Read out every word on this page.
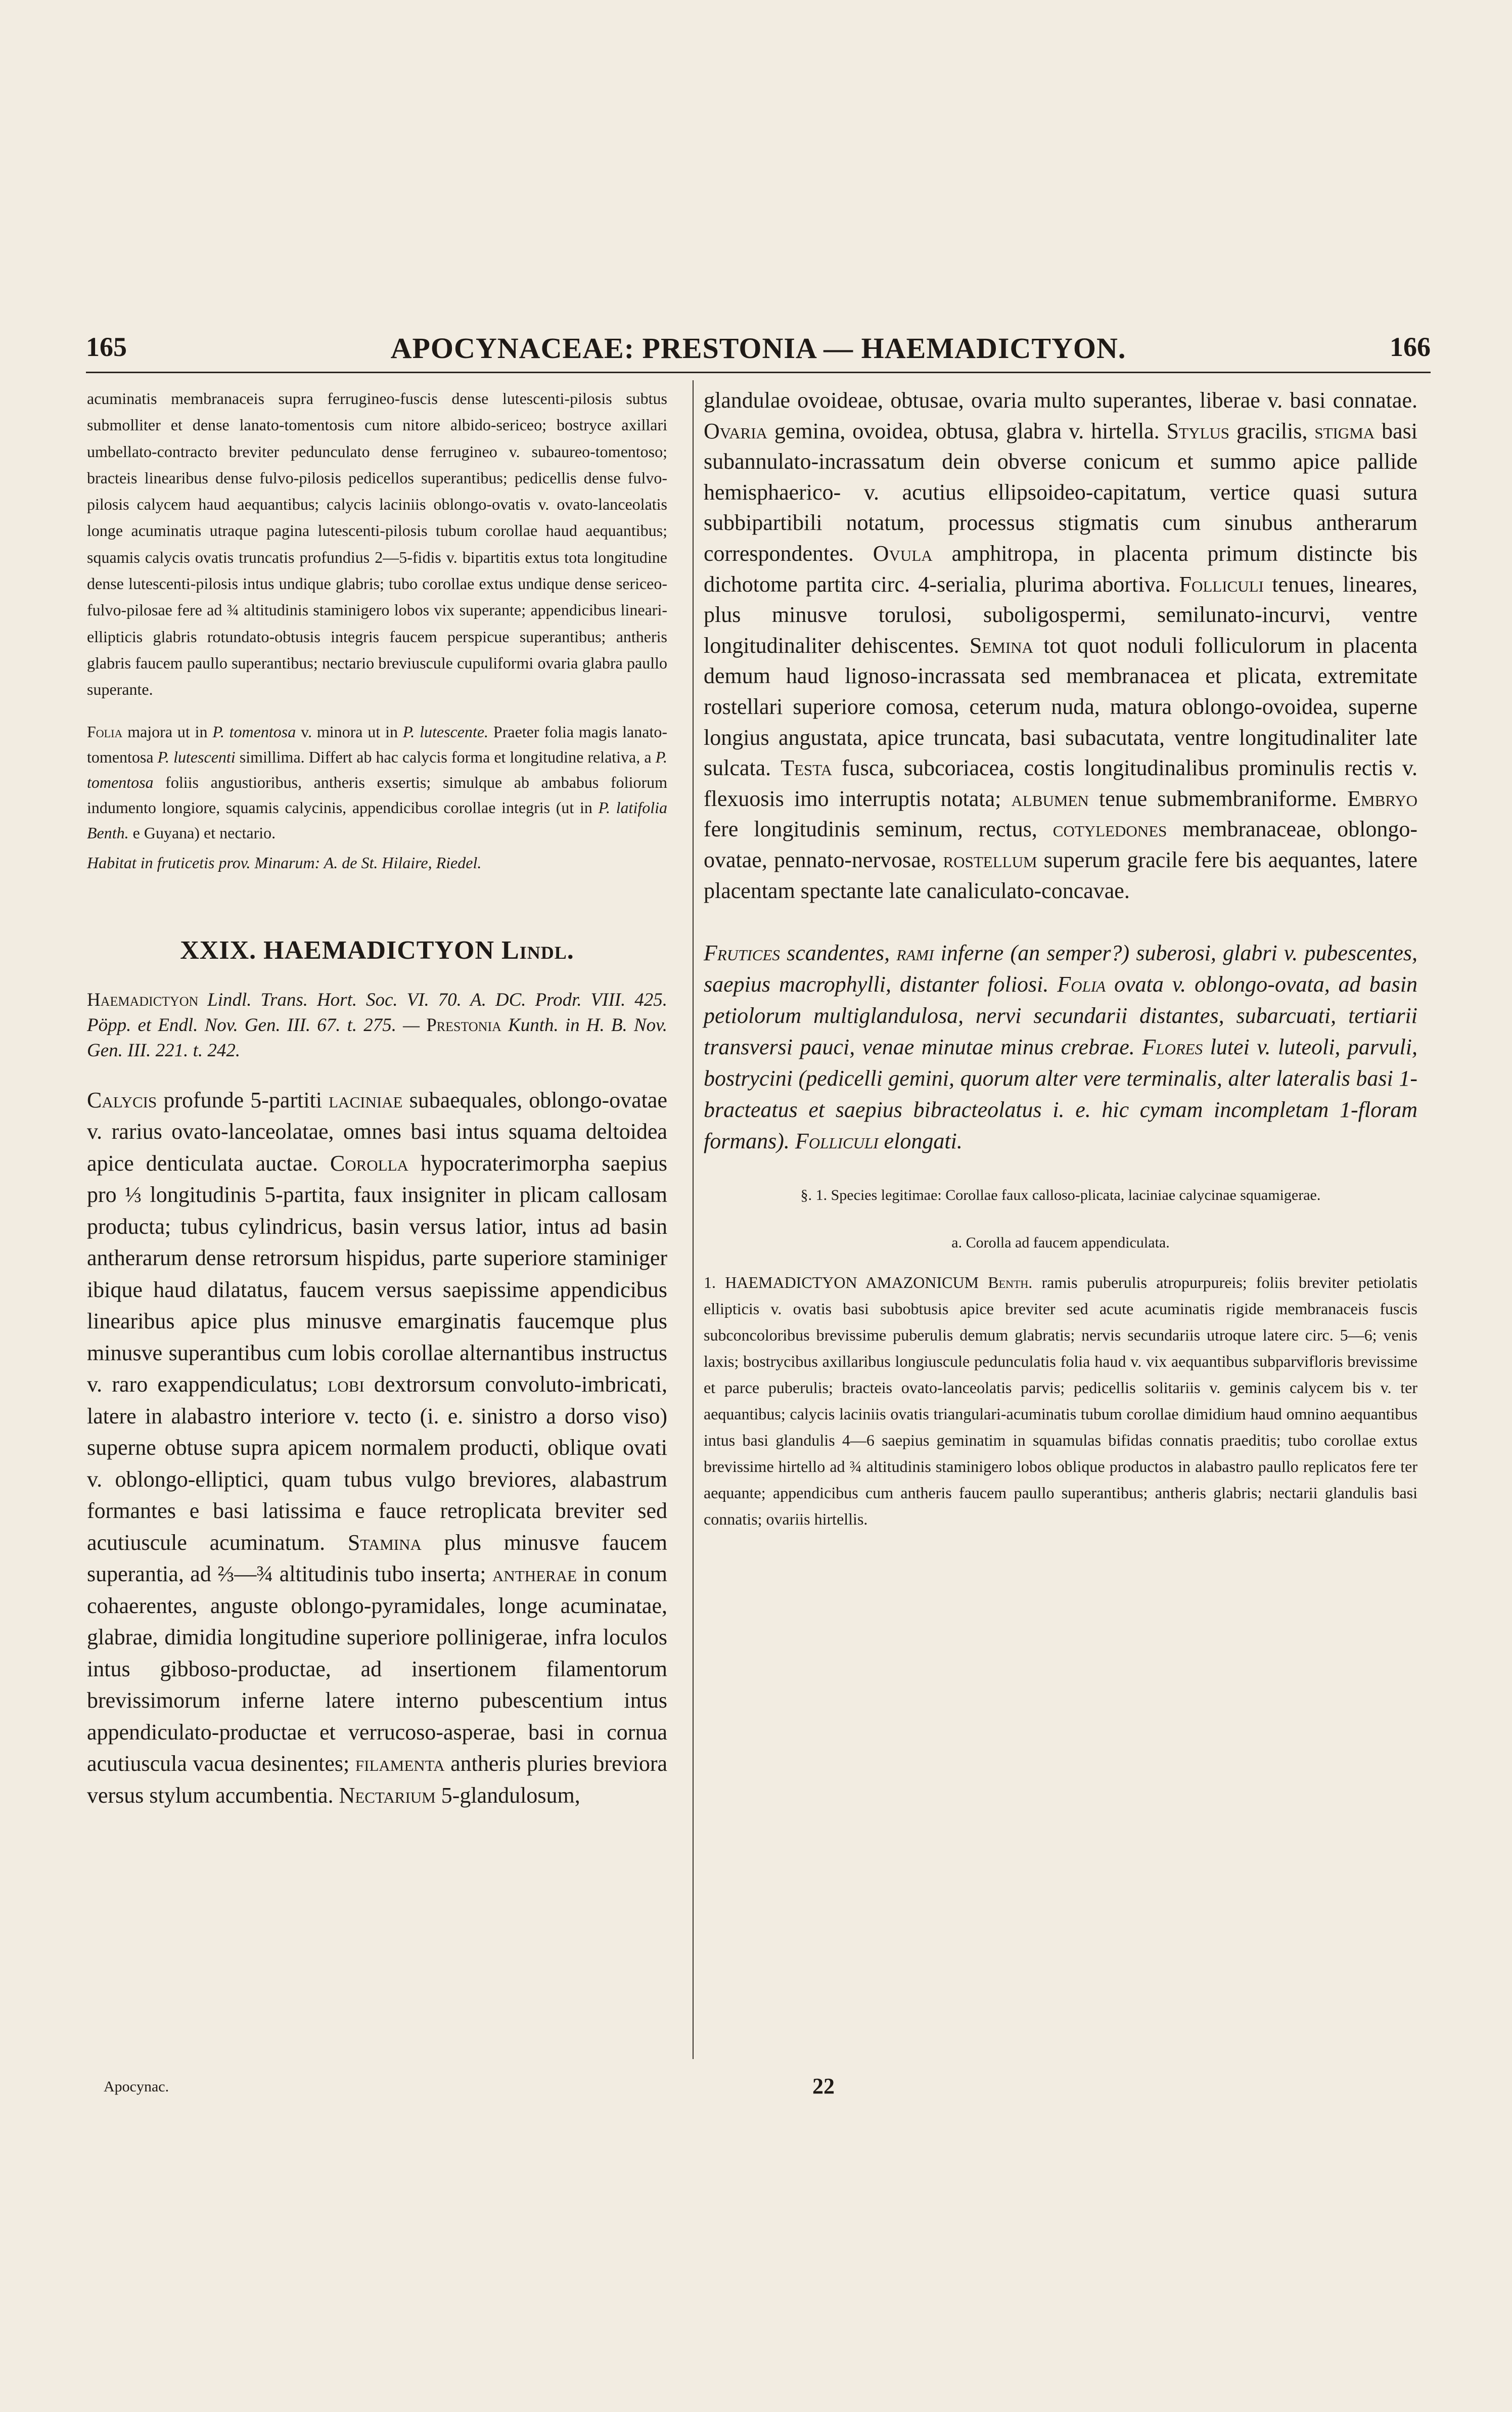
165	APOCYNACEAE: PRESTONIA — HAEMADICTYON.	166

acuminatis membranaceis supra ferrugineo-fuscis dense lutescenti-pilosis subtus submolliter et dense lanato-tomentosis cum nitore albido-sericeo; bostryce axillari umbellato-contracto breviter pedunculato dense ferrugineo v. subaureo-tomentoso; bracteis linearibus dense fulvo-pilosis pedicellos superantibus; pedicellis dense fulvo-pilosis calycem haud aequantibus; calycis laciniis oblongo-ovatis v. ovato-lanceolatis longe acuminatis utraque pagina lutescenti-pilosis tubum corollae haud aequantibus; squamis calycis ovatis truncatis profundius 2—5-fidis v. bipartitis extus tota longitudine dense lutescenti-pilosis intus undique glabris; tubo corollae extus undique dense sericeo-fulvo-pilosae fere ad ¾ altitudinis staminigero lobos vix superante; appendicibus lineari-ellipticis glabris rotundato-obtusis integris faucem perspicue superantibus; antheris glabris faucem paullo superantibus; nectario breviuscule cupuliformi ovaria glabra paullo superante.

Folia majora ut in P. tomentosa v. minora ut in P. lutescente. Praeter folia magis lanato-tomentosa P. lutescenti simillima. Differt ab hac calycis forma et longitudine relativa, a P. tomentosa foliis angustioribus, antheris exsertis; simulque ab ambabus foliorum indumento longiore, squamis calycinis, appendicibus corollae integris (ut in P. latifolia Benth. e Guyana) et nectario.

Habitat in fruticetis prov. Minarum: A. de St. Hilaire, Riedel.

XXIX. HAEMADICTYON Lindl.

Haemadictyon Lindl. Trans. Hort. Soc. VI. 70. A. DC. Prodr. VIII. 425. Pöpp. et Endl. Nov. Gen. III. 67. t. 275. — Prestonia Kunth. in H. B. Nov. Gen. III. 221. t. 242.

Calycis profunde 5-partiti laciniae subaequales, oblongo-ovatae v. rarius ovato-lanceolatae, omnes basi intus squama deltoidea apice denticulata auctae. Corolla hypocraterimorpha saepius pro ⅓ longitudinis 5-partita, faux insigniter in plicam callosam producta; tubus cylindricus, basin versus latior, intus ad basin antherarum dense retrorsum hispidus, parte superiore staminiger ibique haud dilatatus, faucem versus saepissime appendicibus linearibus apice plus minusve emarginatis faucemque plus minusve superantibus cum lobis corollae alternantibus instructus v. raro exappendiculatus; lobi dextrorsum convoluto-imbricati, latere in alabastro interiore v. tecto (i. e. sinistro a dorso viso) superne obtuse supra apicem normalem producti, oblique ovati v. oblongo-elliptici, quam tubus vulgo breviores, alabastrum formantes e basi latissima e fauce retroplicata breviter sed acutiuscule acuminatum. Stamina plus minusve faucem superantia, ad ⅔—¾ altitudinis tubo inserta; antherae in conum cohaerentes, anguste oblongo-pyramidales, longe acuminatae, glabrae, dimidia longitudine superiore pollinigerae, infra loculos intus gibboso-productae, ad insertionem filamentorum brevissimorum inferne latere interno pubescentium intus appendiculato-productae et verrucoso-asperae, basi in cornua acutiuscula vacua desinentes; filamenta antheris pluries breviora versus stylum accumbentia. Nectarium 5-glandulosum,

glandulae ovoideae, obtusae, ovaria multo superantes, liberae v. basi connatae. Ovaria gemina, ovoidea, obtusa, glabra v. hirtella. Stylus gracilis, stigma basi subannulato-incrassatum dein obverse conicum et summo apice pallide hemisphaerico- v. acutius ellipsoideo-capitatum, vertice quasi sutura subbipartibili notatum, processus stigmatis cum sinubus antherarum correspondentes. Ovula amphitropa, in placenta primum distincte bis dichotome partita circ. 4-serialia, plurima abortiva. Folliculi tenues, lineares, plus minusve torulosi, suboligospermi, semilunato-incurvi, ventre longitudinaliter dehiscentes. Semina tot quot noduli folliculorum in placenta demum haud lignoso-incrassata sed membranacea et plicata, extremitate rostellari superiore comosa, ceterum nuda, matura oblongo-ovoidea, superne longius angustata, apice truncata, basi subacutata, ventre longitudinaliter late sulcata. Testa fusca, subcoriacea, costis longitudinalibus prominulis rectis v. flexuosis imo interruptis notata; albumen tenue submembraniforme. Embryo fere longitudinis seminum, rectus, cotyledones membranaceae, oblongo-ovatae, pennato-nervosae, rostellum superum gracile fere bis aequantes, latere placentam spectante late canaliculato-concavae.

Frutices scandentes, rami inferne (an semper?) suberosi, glabri v. pubescentes, saepius macrophylli, distanter foliosi. Folia ovata v. oblongo-ovata, ad basin petiolorum multiglandulosa, nervi secundarii distantes, subarcuati, tertiarii transversi pauci, venae minutae minus crebrae. Flores lutei v. luteoli, parvuli, bostrycini (pedicelli gemini, quorum alter vere terminalis, alter lateralis basi 1-bracteatus et saepius bibracteolatus i. e. hic cymam incompletam 1-floram formans). Folliculi elongati.

§. 1. Species legitimae: Corollae faux calloso-plicata, laciniae calycinae squamigerae.

a. Corolla ad faucem appendiculata.

1. HAEMADICTYON AMAZONICUM Benth. ramis puberulis atropurpureis; foliis breviter petiolatis ellipticis v. ovatis basi subobtusis apice breviter sed acute acuminatis rigide membranaceis fuscis subconcoloribus brevissime puberulis demum glabratis; nervis secundariis utroque latere circ. 5—6; venis laxis; bostrycibus axillaribus longiuscule pedunculatis folia haud v. vix aequantibus subparvifloris brevissime et parce puberulis; bracteis ovato-lanceolatis parvis; pedicellis solitariis v. geminis calycem bis v. ter aequantibus; calycis laciniis ovatis triangulari-acuminatis tubum corollae dimidium haud omnino aequantibus intus basi glandulis 4—6 saepius geminatim in squamulas bifidas connatis praeditis; tubo corollae extus brevissime hirtello ad ¾ altitudinis staminigero lobos oblique productos in alabastro paullo replicatos fere ter aequante; appendicibus cum antheris faucem paullo superantibus; antheris glabris; nectarii glandulis basi connatis; ovariis hirtellis.

Apocynac.	22
